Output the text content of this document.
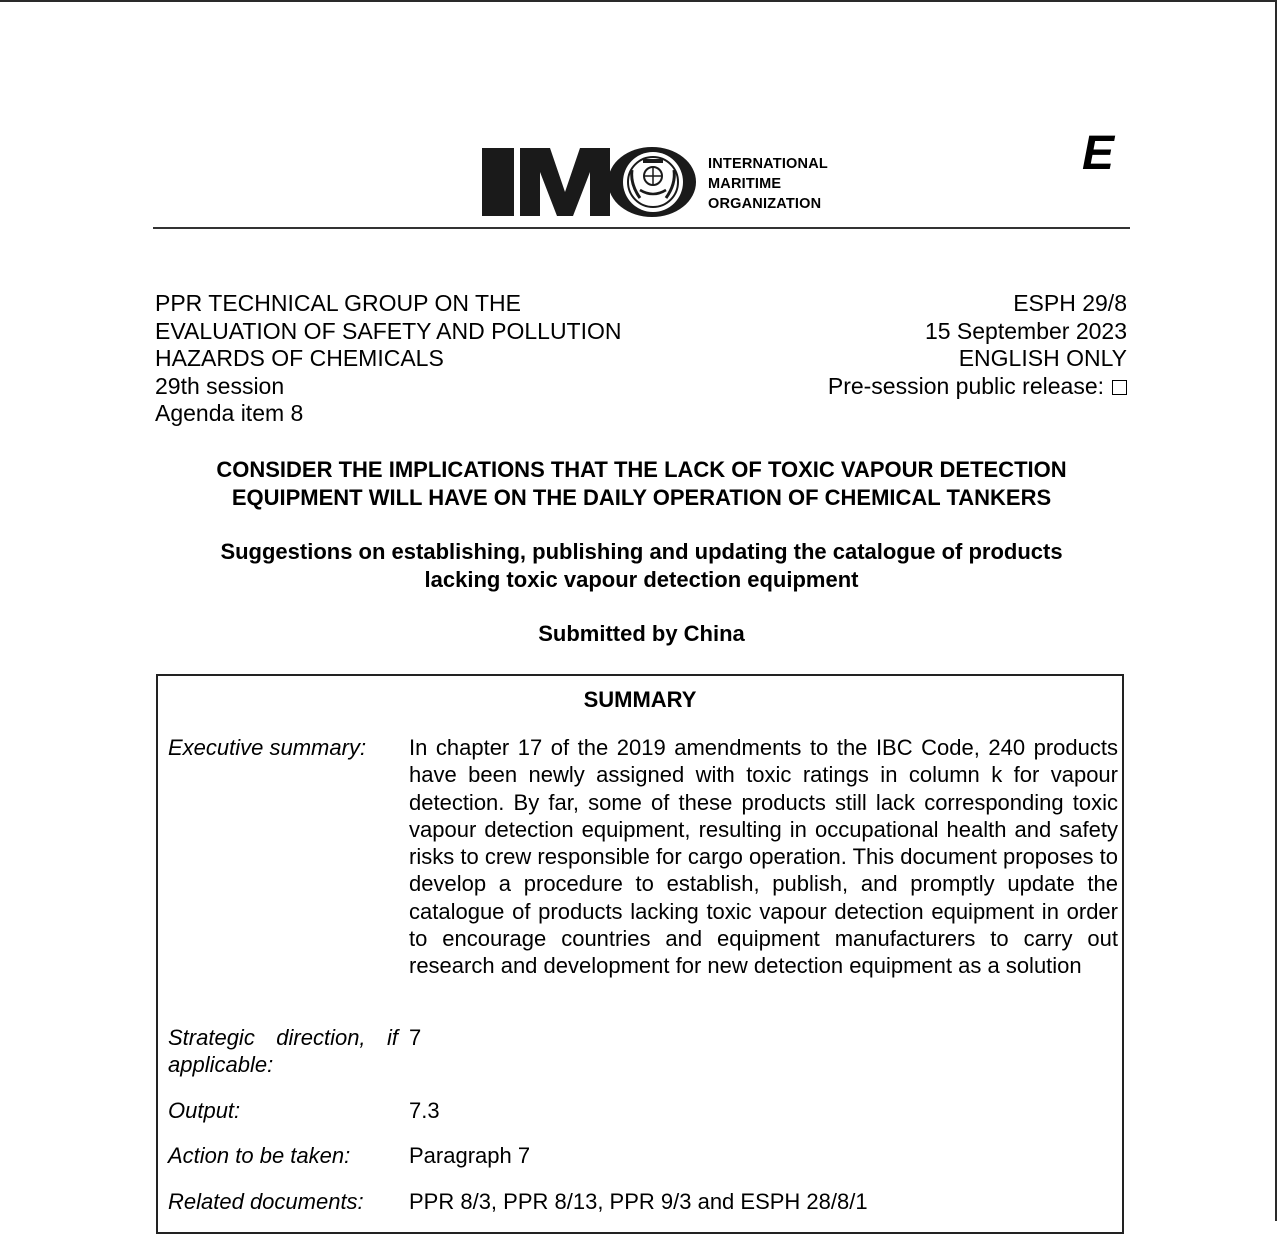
INTERNATIONAL
MARITIME
ORGANIZATION
E
PPR TECHNICAL GROUP ON THE
EVALUATION OF SAFETY AND POLLUTION
HAZARDS OF CHEMICALS
29th session
Agenda item 8
ESPH 29/8
15 September 2023
ENGLISH ONLY
Pre-session public release:
CONSIDER THE IMPLICATIONS THAT THE LACK OF TOXIC VAPOUR DETECTION
EQUIPMENT WILL HAVE ON THE DAILY OPERATION OF CHEMICAL TANKERS
Suggestions on establishing, publishing and updating the catalogue of products
lacking toxic vapour detection equipment
Submitted by China
SUMMARY
Executive summary:	In chapter 17 of the 2019 amendments to the IBC Code, 240 products have been newly assigned with toxic ratings in column k for vapour detection. By far, some of these products still lack corresponding toxic vapour detection equipment, resulting in occupational health and safety risks to crew responsible for cargo operation. This document proposes to develop a procedure to establish, publish, and promptly update the catalogue of products lacking toxic vapour detection equipment in order to encourage countries and equipment manufacturers to carry out research and development for new detection equipment as a solution
Strategic direction, if applicable:
7
Output:	7.3
Action to be taken:	Paragraph 7
Related documents:	PPR 8/3, PPR 8/13, PPR 9/3 and ESPH 28/8/1
